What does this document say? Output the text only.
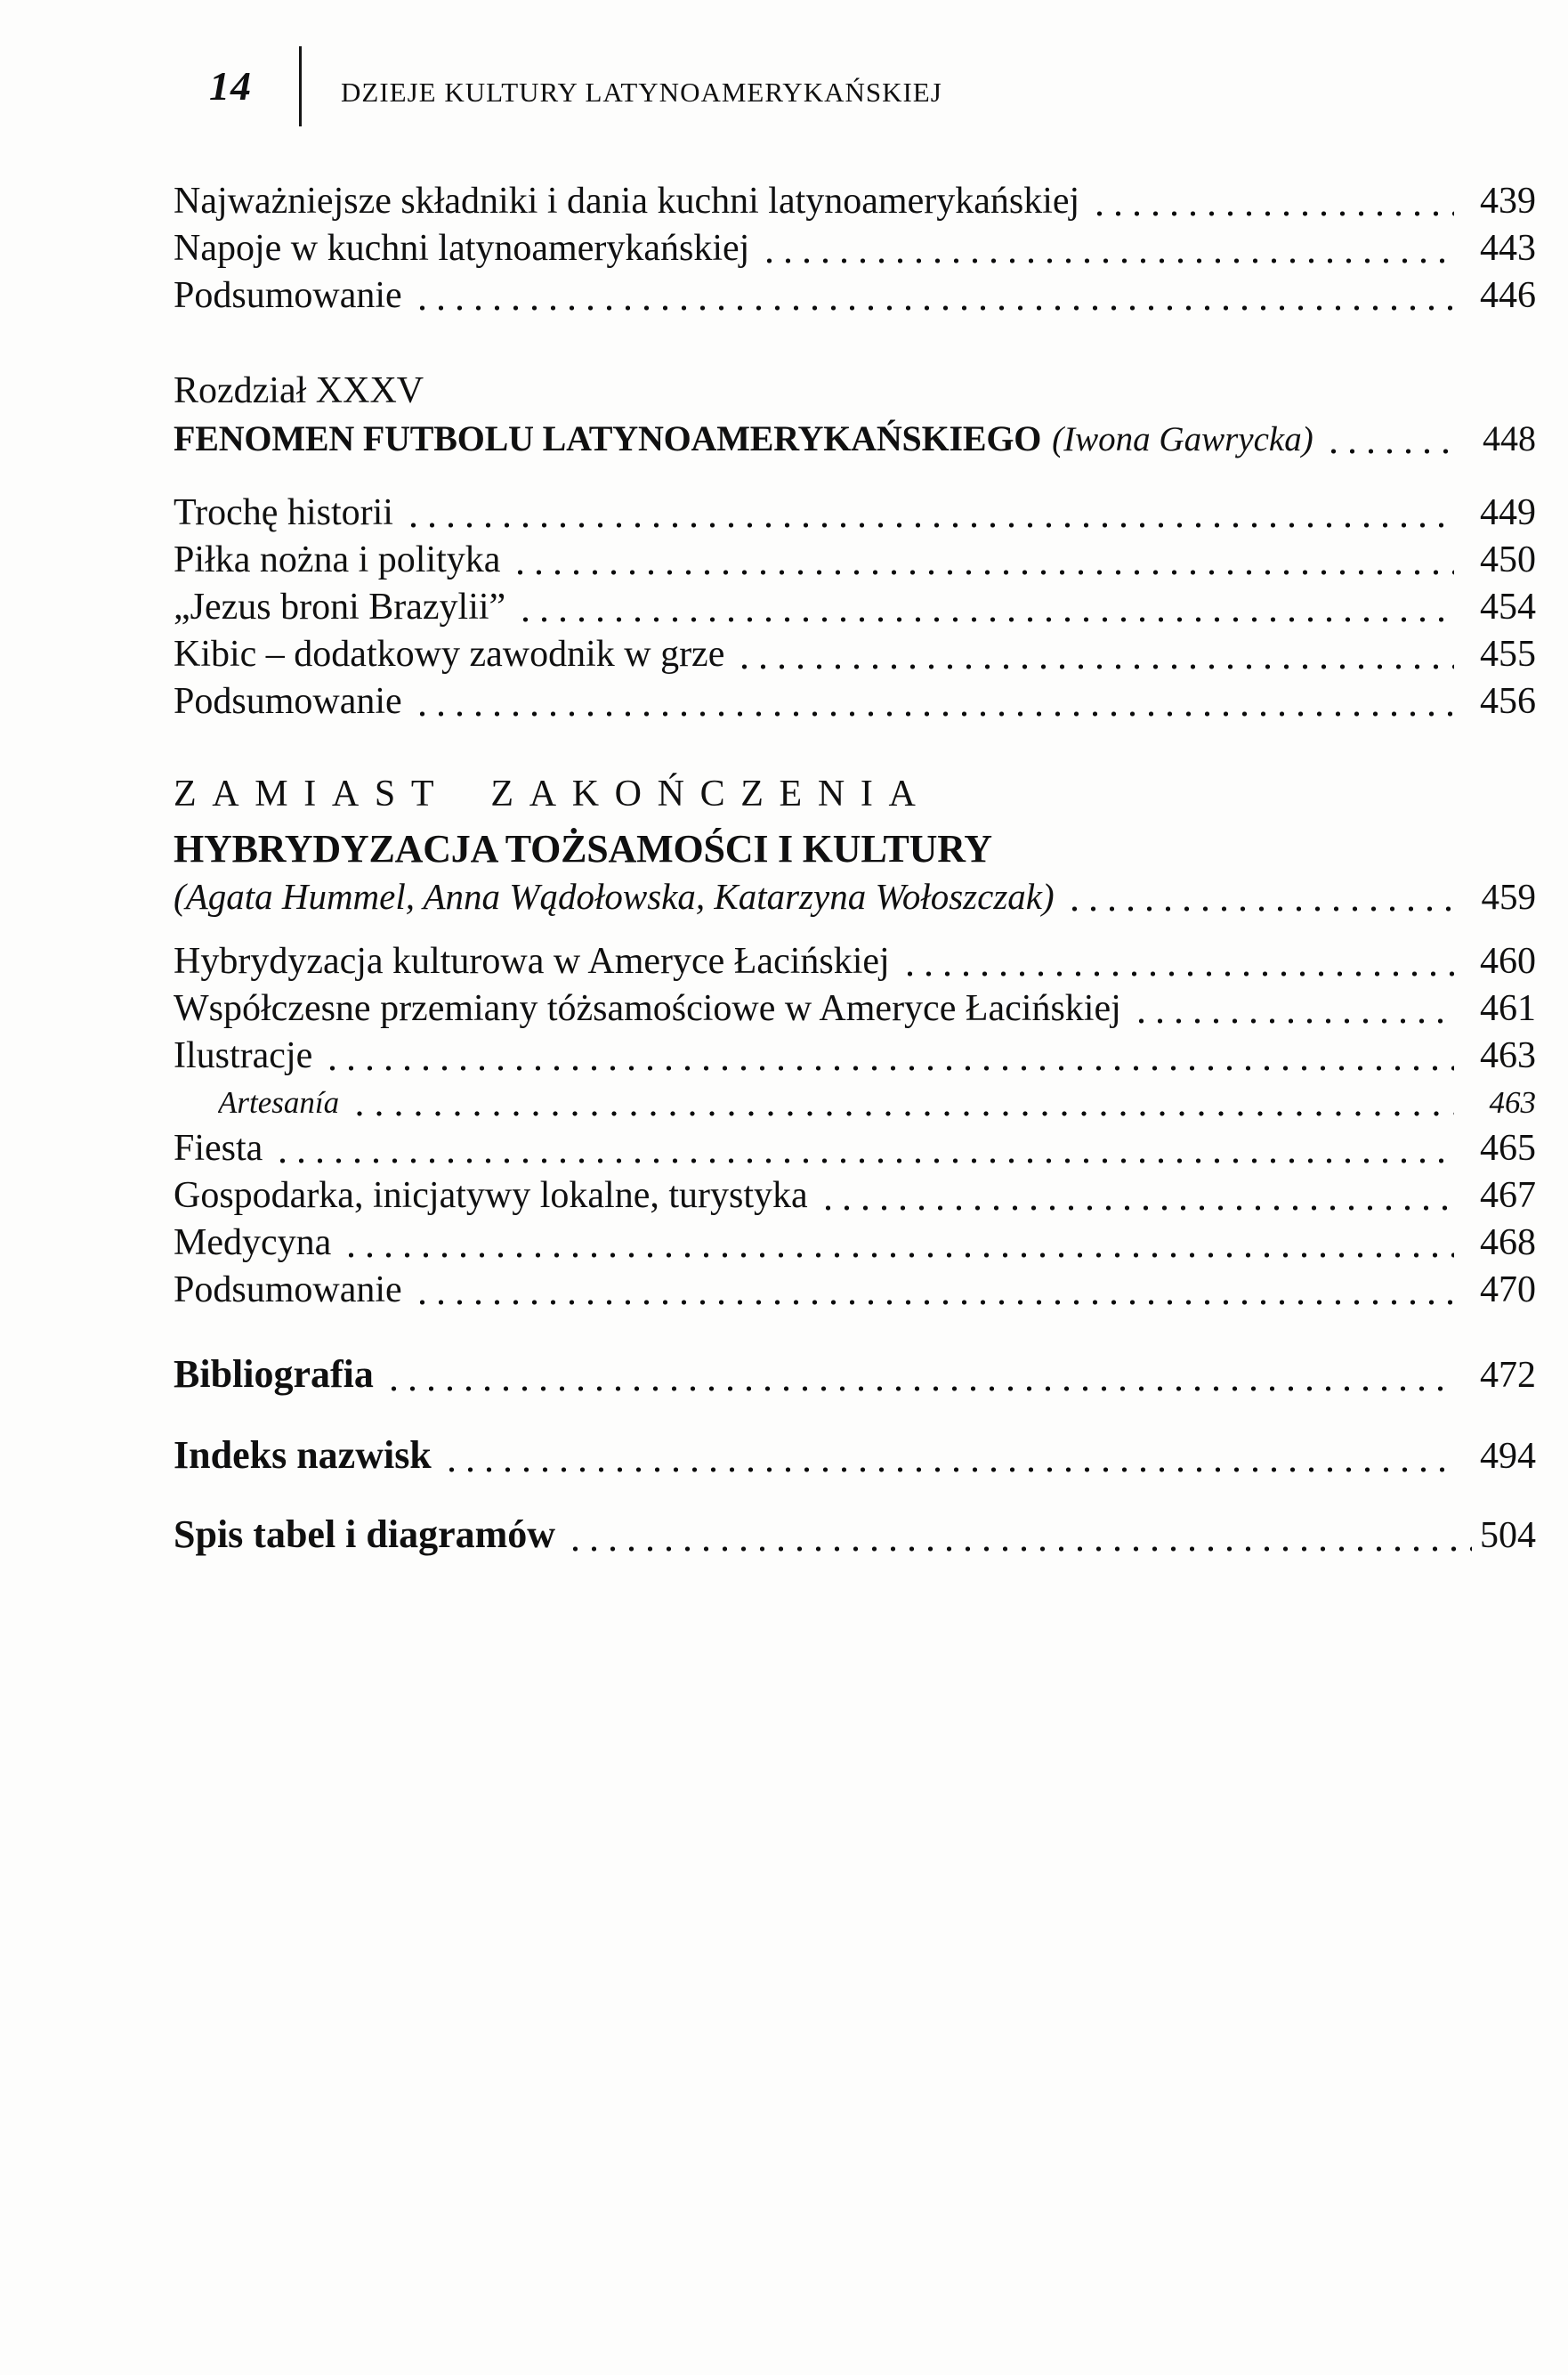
14	DZIEJE KULTURY LATYNOAMERYKAŃSKIEJ
Najważniejsze składniki i dania kuchni latynoamerykańskiej	439
Napoje w kuchni latynoamerykańskiej	443
Podsumowanie	446
Rozdział XXXV
FENOMEN FUTBOLU LATYNOAMERYKAŃSKIEGO (Iwona Gawrycka)	448
Trochę historii	449
Piłka nożna i polityka	450
„Jezus broni Brazylii”	454
Kibic – dodatkowy zawodnik w grze	455
Podsumowanie	456
ZAMIAST ZAKOŃCZENIA
HYBRYDYZACJA TOŻSAMOŚCI I KULTURY
(Agata Hummel, Anna Wądołowska, Katarzyna Wołoszczak)	459
Hybrydyzacja kulturowa w Ameryce Łacińskiej	460
Współczesne przemiany tóżsamościowe w Ameryce Łacińskiej	461
Ilustracje	463
Artesanía	463
Fiesta	465
Gospodarka, inicjatywy lokalne, turystyka	467
Medycyna	468
Podsumowanie	470
Bibliografia	472
Indeks nazwisk	494
Spis tabel i diagramów	504
